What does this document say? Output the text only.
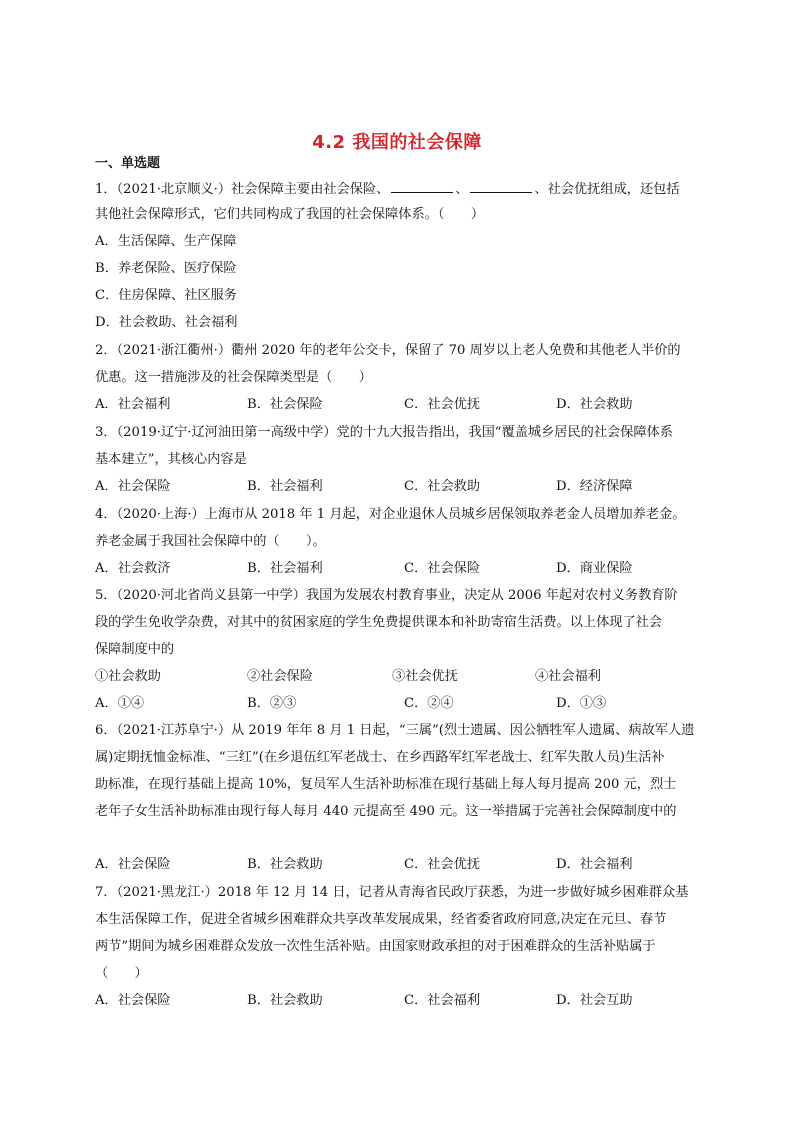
4.2 我国的社会保障
一、单选题
1．（2021·北京顺义·）社会保障主要由社会保险、	、	、社会优抚组成，还包括
其他社会保障形式，它们共同构成了我国的社会保障体系。（　　）
A．生活保障、生产保障
B．养老保险、医疗保险
C．住房保障、社区服务
D．社会救助、社会福利
2．（2021·浙江衢州·）衢州 2020 年的老年公交卡，保留了 70 周岁以上老人免费和其他老人半价的
优惠。这一措施涉及的社会保障类型是（　　）
A．社会福利	B．社会保险	C．社会优抚	D．社会救助
3．（2019·辽宁·辽河油田第一高级中学）党的十九大报告指出，我国“覆盖城乡居民的社会保障体系
基本建立”，其核心内容是
A．社会保险	B．社会福利	C．社会救助	D．经济保障
4．（2020·上海·）上海市从 2018 年 1 月起，对企业退休人员城乡居保领取养老金人员增加养老金。
养老金属于我国社会保障中的（　　）。
A．社会救济	B．社会福利	C．社会保险	D．商业保险
5．（2020·河北省尚义县第一中学）我国为发展农村教育事业，决定从 2006 年起对农村义务教育阶
段的学生免收学杂费，对其中的贫困家庭的学生免费提供课本和补助寄宿生活费。以上体现了社会
保障制度中的
①社会救助	②社会保险	③社会优抚	④社会福利
A．①④	B．②③	C．②④	D．①③
6．（2021·江苏阜宁·）从 2019 年年 8 月 1 日起，“三属”(烈士遗属、因公牺牲军人遗属、病故军人遗
属)定期抚恤金标准、“三红”(在乡退伍红军老战士、在乡西路军红军老战士、红军失散人员)生活补
助标准，在现行基础上提高 10%，复员军人生活补助标准在现行基础上每人每月提高 200 元，烈士
老年子女生活补助标准由现行每人每月 440 元提高至 490 元。这一举措属于完善社会保障制度中的
A．社会保险	B．社会救助	C．社会优抚	D．社会福利
7．（2021·黑龙江·）2018 年 12 月 14 日，记者从青海省民政厅获悉，为进一步做好城乡困难群众基
本生活保障工作，促进全省城乡困难群众共享改革发展成果，经省委省政府同意,决定在元旦、春节
两节”期间为城乡困难群众发放一次性生活补贴。由国家财政承担的对于困难群众的生活补贴属于
（　　）
A．社会保险	B．社会救助	C．社会福利	D．社会互助
